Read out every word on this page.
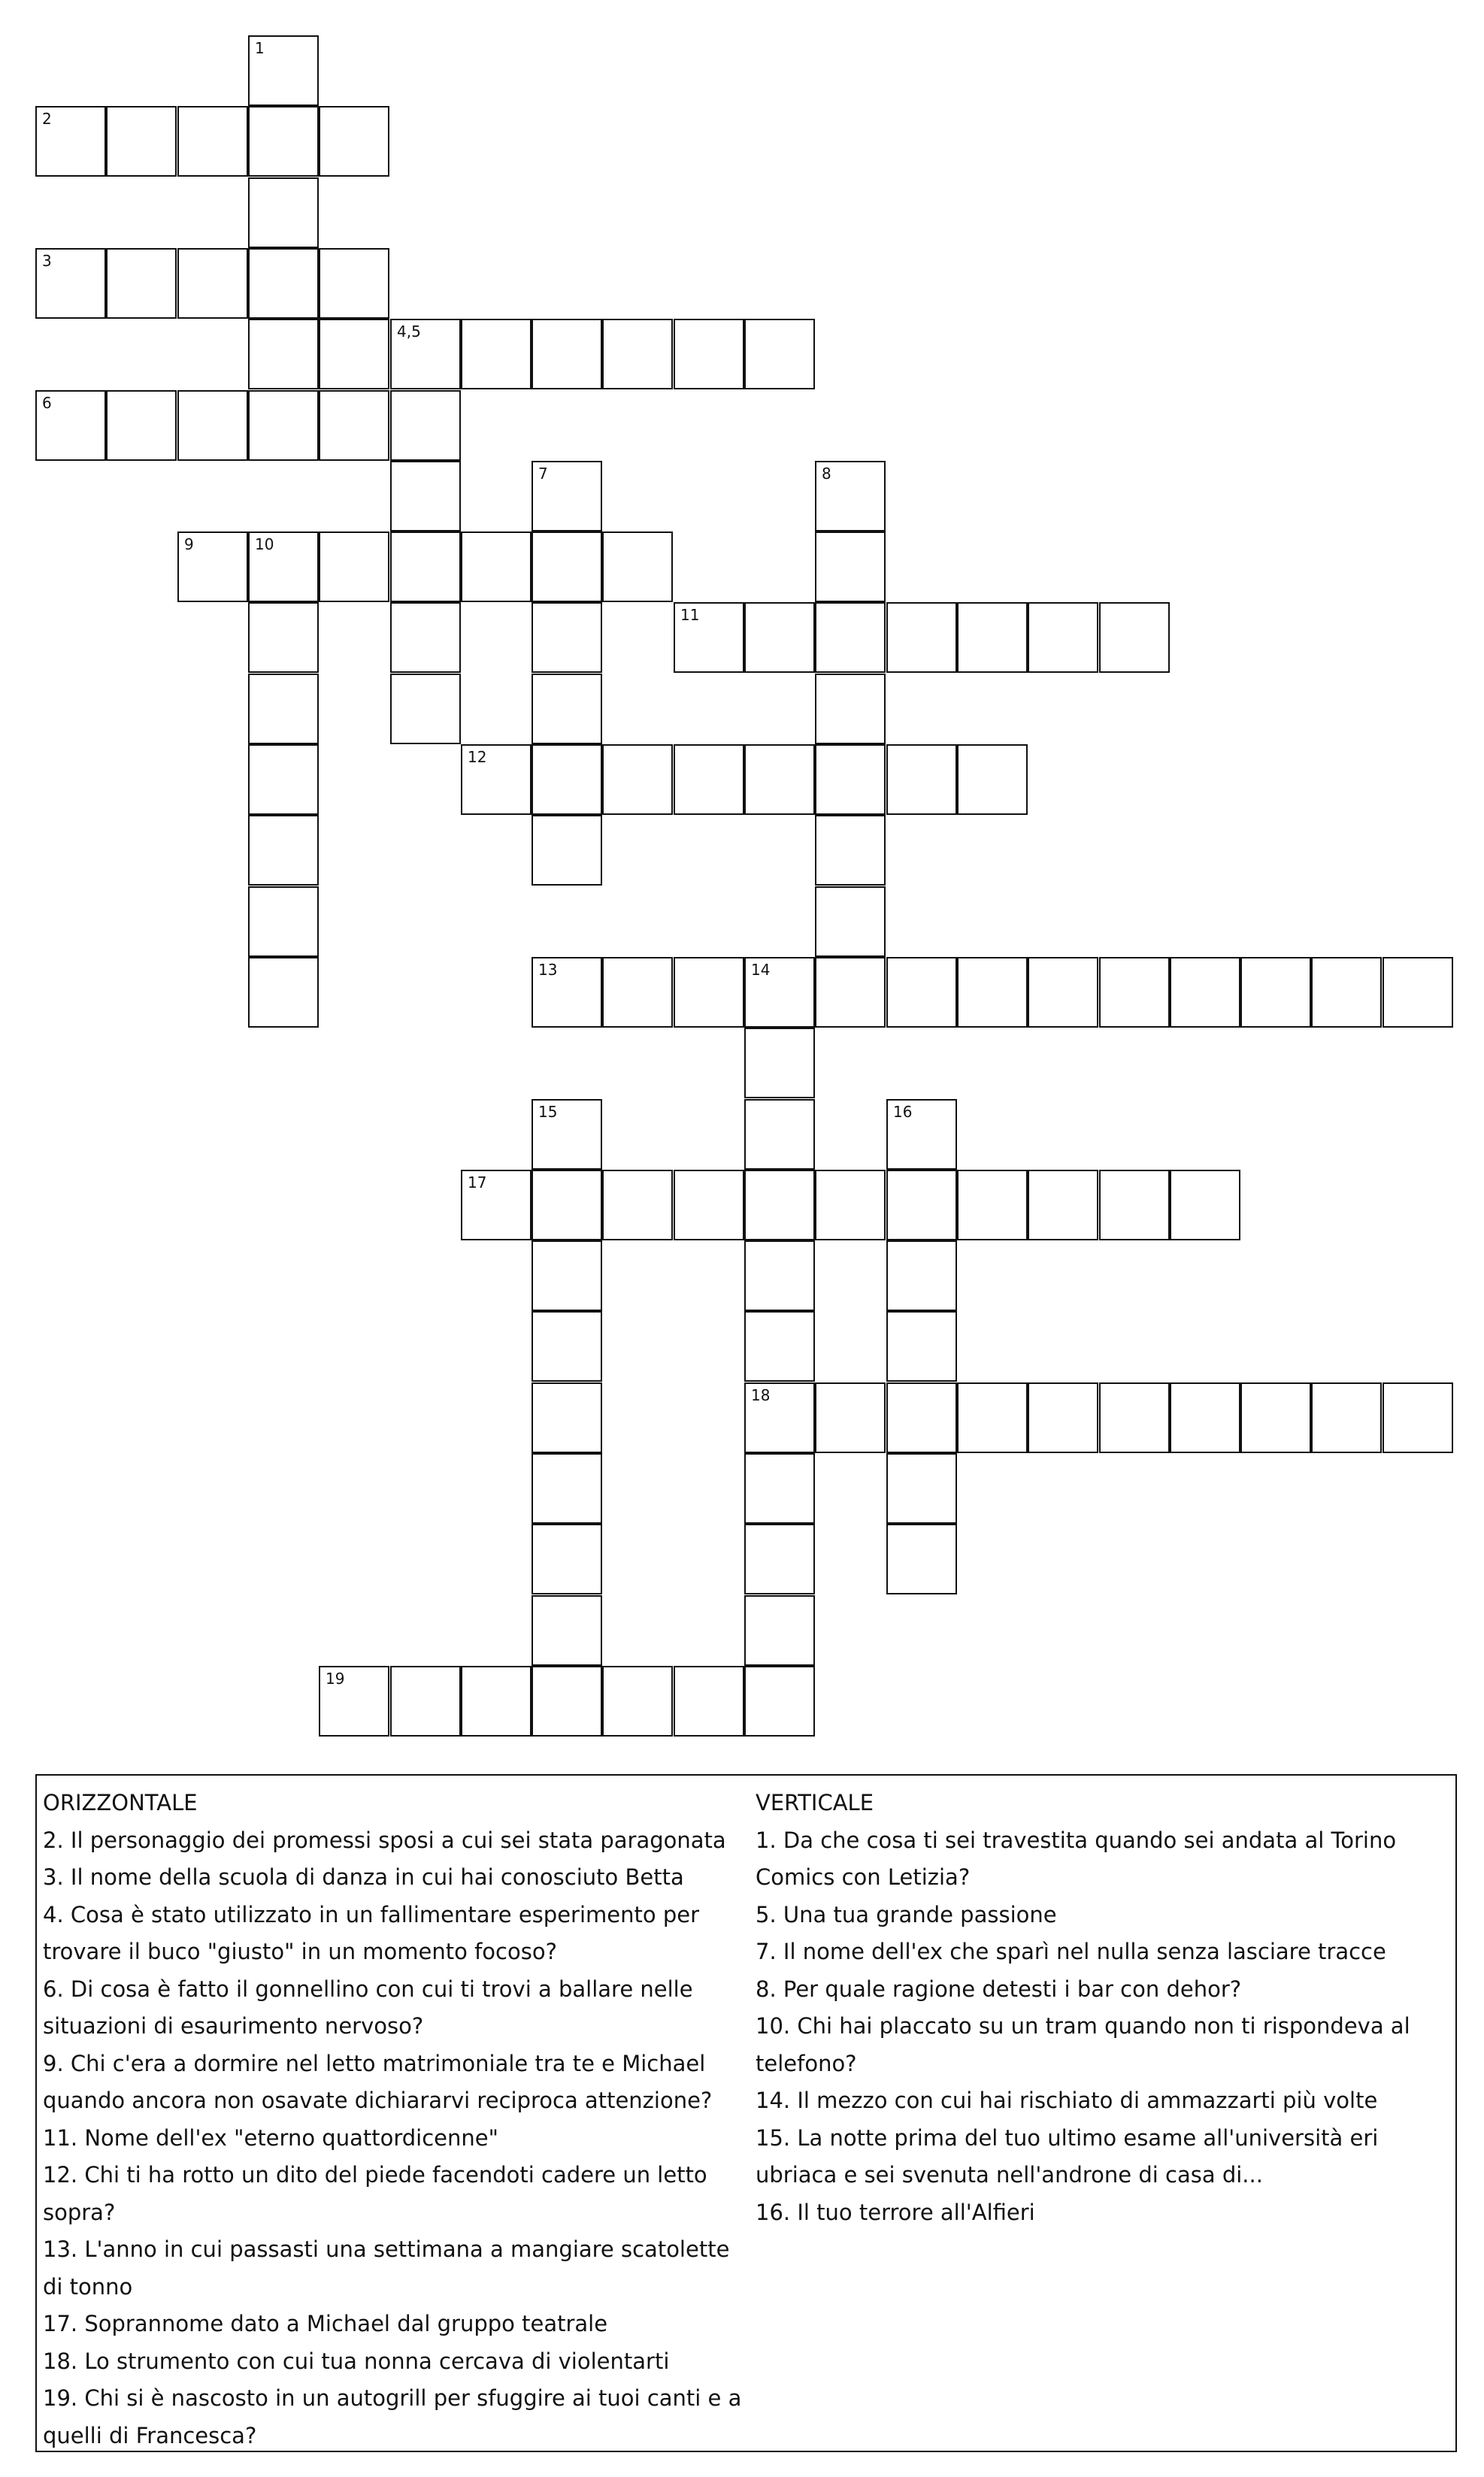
1
2
3
4,5
6
7	8
9	10
11
12
13	14
15	16
17
18
19
ORIZZONTALE
2. Il personaggio dei promessi sposi a cui sei stata paragonata
3. Il nome della scuola di danza in cui hai conosciuto Betta
4. Cosa è stato utilizzato in un fallimentare esperimento per trovare il buco "giusto" in un momento focoso?
6. Di cosa è fatto il gonnellino con cui ti trovi a ballare nelle situazioni di esaurimento nervoso?
9. Chi c'era a dormire nel letto matrimoniale tra te e Michael quando ancora non osavate dichiararvi reciproca attenzione?
11. Nome dell'ex "eterno quattordicenne"
12. Chi ti ha rotto un dito del piede facendoti cadere un letto sopra?
13. L'anno in cui passasti una settimana a mangiare scatolette di tonno
17. Soprannome dato a Michael dal gruppo teatrale
18. Lo strumento con cui tua nonna cercava di violentarti
19. Chi si è nascosto in un autogrill per sfuggire ai tuoi canti e a quelli di Francesca?
VERTICALE
1. Da che cosa ti sei travestita quando sei andata al Torino Comics con Letizia?
5. Una tua grande passione
7. Il nome dell'ex che sparì nel nulla senza lasciare tracce
8. Per quale ragione detesti i bar con dehor?
10. Chi hai placcato su un tram quando non ti rispondeva al telefono?
14. Il mezzo con cui hai rischiato di ammazzarti più volte
15. La notte prima del tuo ultimo esame all'università eri ubriaca e sei svenuta nell'androne di casa di...
16. Il tuo terrore all'Alfieri
